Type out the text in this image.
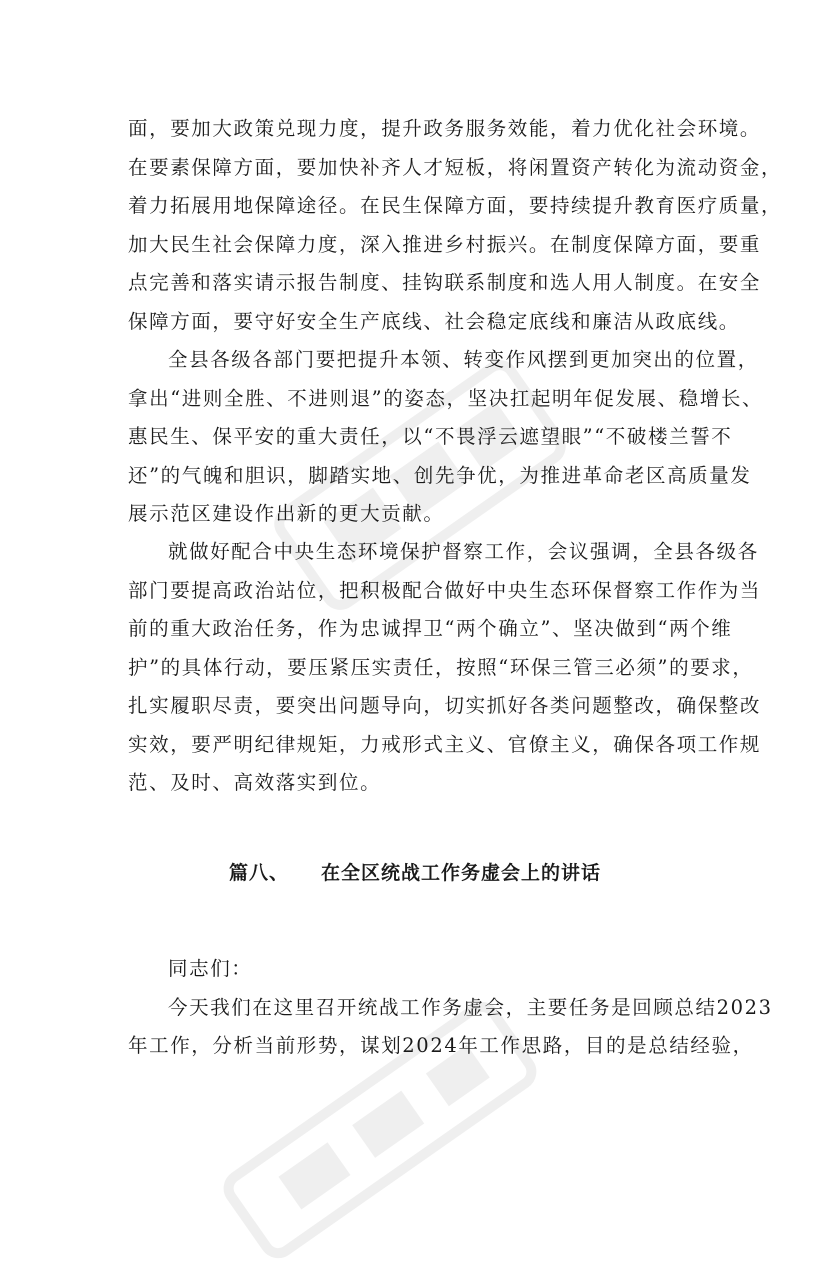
面，要加大政策兑现力度，提升政务服务效能，着力优化社会环境。
在要素保障方面，要加快补齐人才短板，将闲置资产转化为流动资金，
着力拓展用地保障途径。在民生保障方面，要持续提升教育医疗质量，
加大民生社会保障力度，深入推进乡村振兴。在制度保障方面，要重
点完善和落实请示报告制度、挂钩联系制度和选人用人制度。在安全
保障方面，要守好安全生产底线、社会稳定底线和廉洁从政底线。
全县各级各部门要把提升本领、转变作风摆到更加突出的位置，
拿出“进则全胜、不进则退”的姿态，坚决扛起明年促发展、稳增长、
惠民生、保平安的重大责任，以“不畏浮云遮望眼”“不破楼兰誓不
还”的气魄和胆识，脚踏实地、创先争优，为推进革命老区高质量发
展示范区建设作出新的更大贡献。
就做好配合中央生态环境保护督察工作，会议强调，全县各级各
部门要提高政治站位，把积极配合做好中央生态环保督察工作作为当
前的重大政治任务，作为忠诚捍卫“两个确立”、坚决做到“两个维
护”的具体行动，要压紧压实责任，按照“环保三管三必须”的要求，
扎实履职尽责，要突出问题导向，切实抓好各类问题整改，确保整改
实效，要严明纪律规矩，力戒形式主义、官僚主义，确保各项工作规
范、及时、高效落实到位。
篇八、 在全区统战工作务虚会上的讲话
同志们：
今天我们在这里召开统战工作务虚会，主要任务是回顾总结2023
年工作，分析当前形势，谋划2024年工作思路，目的是总结经验，
